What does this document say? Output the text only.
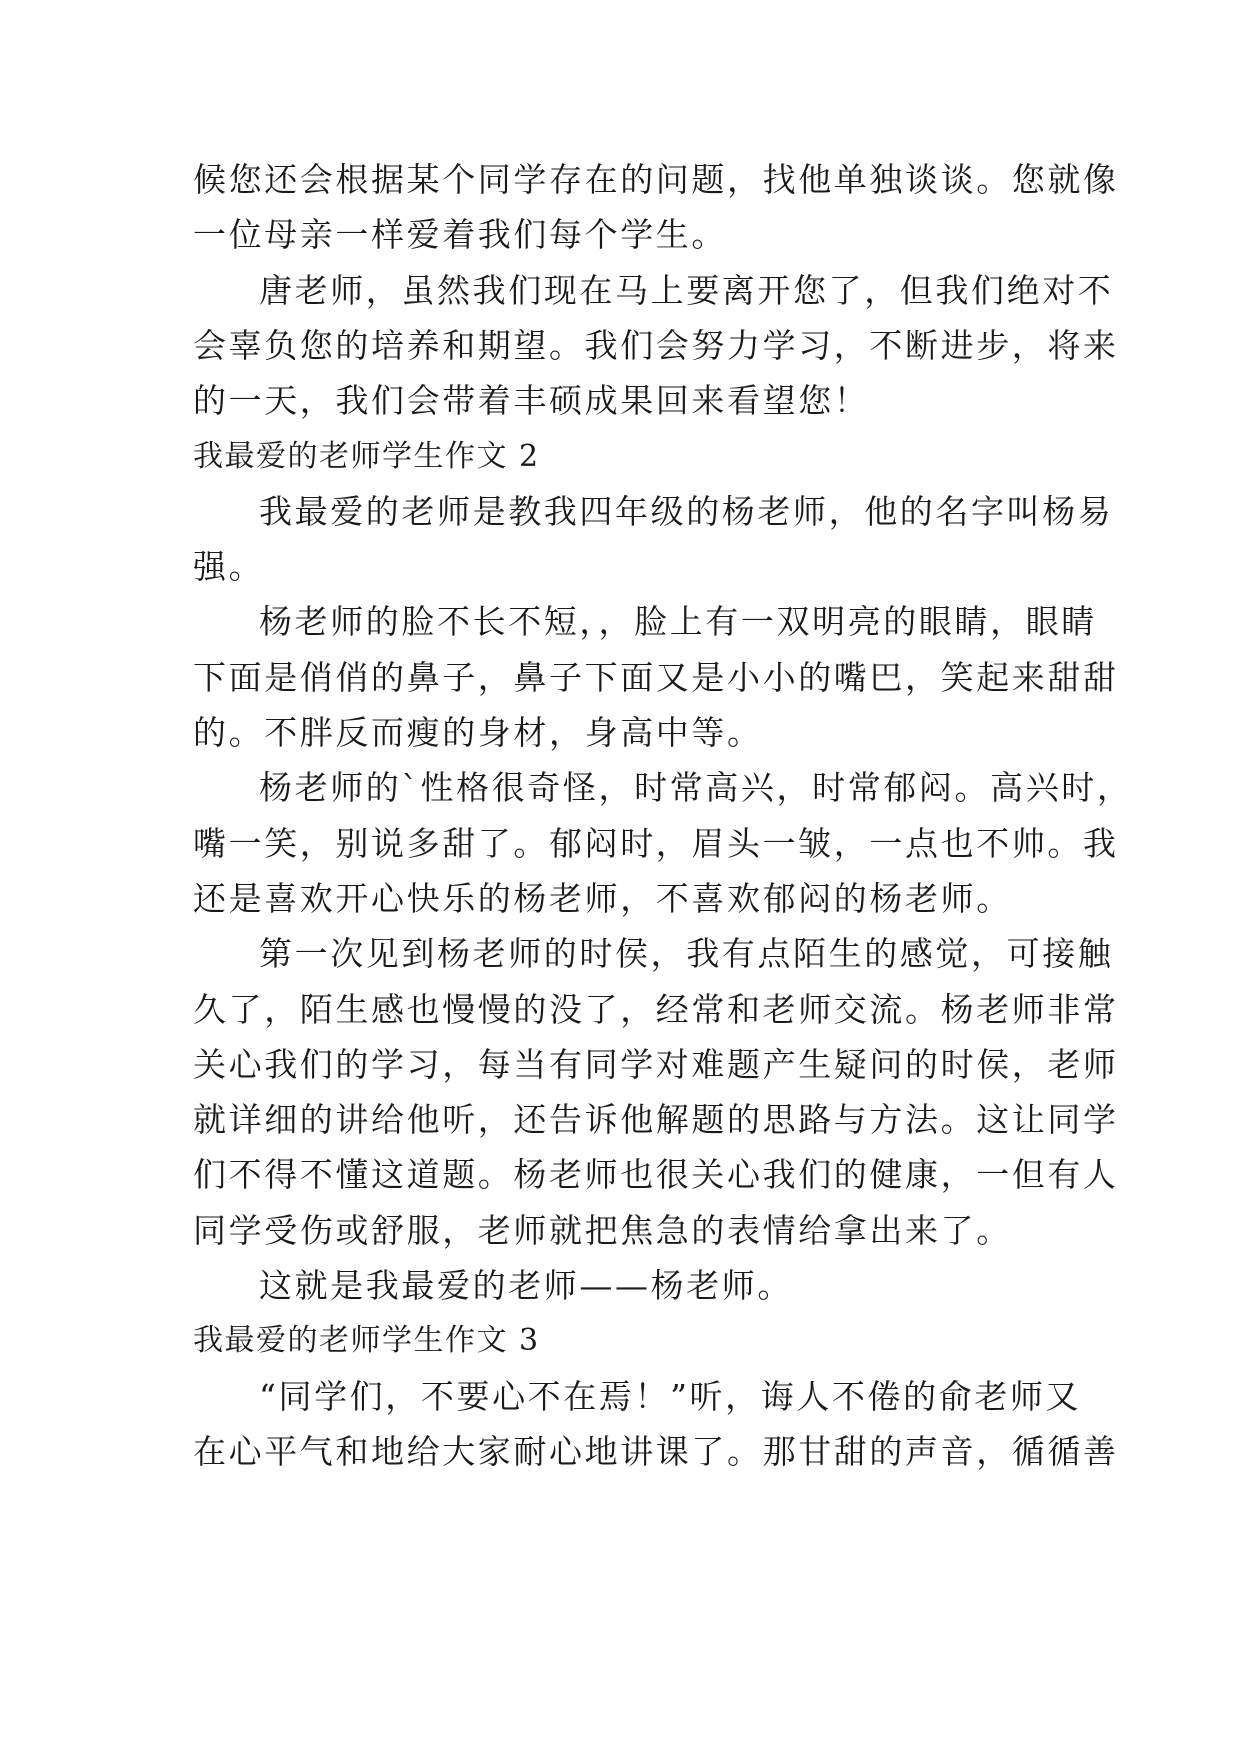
候您还会根据某个同学存在的问题，找他单独谈谈。您就像
一位母亲一样爱着我们每个学生。
唐老师，虽然我们现在马上要离开您了，但我们绝对不
会辜负您的培养和期望。我们会努力学习，不断进步，将来
的一天，我们会带着丰硕成果回来看望您！
我最爱的老师学生作文 2
我最爱的老师是教我四年级的杨老师，他的名字叫杨易
强。
杨老师的脸不长不短，，脸上有一双明亮的眼睛，眼睛
下面是俏俏的鼻子，鼻子下面又是小小的嘴巴，笑起来甜甜
的。不胖反而瘦的身材，身高中等。
杨老师的`性格很奇怪，时常高兴，时常郁闷。高兴时，
嘴一笑，别说多甜了。郁闷时，眉头一皱，一点也不帅。我
还是喜欢开心快乐的杨老师，不喜欢郁闷的杨老师。
第一次见到杨老师的时侯，我有点陌生的感觉，可接触
久了，陌生感也慢慢的没了，经常和老师交流。杨老师非常
关心我们的学习，每当有同学对难题产生疑问的时侯，老师
就详细的讲给他听，还告诉他解题的思路与方法。这让同学
们不得不懂这道题。杨老师也很关心我们的健康，一但有人
同学受伤或舒服，老师就把焦急的表情给拿出来了。
这就是我最爱的老师——杨老师。
我最爱的老师学生作文 3
“同学们，不要心不在焉！”听，诲人不倦的俞老师又
在心平气和地给大家耐心地讲课了。那甘甜的声音，循循善
